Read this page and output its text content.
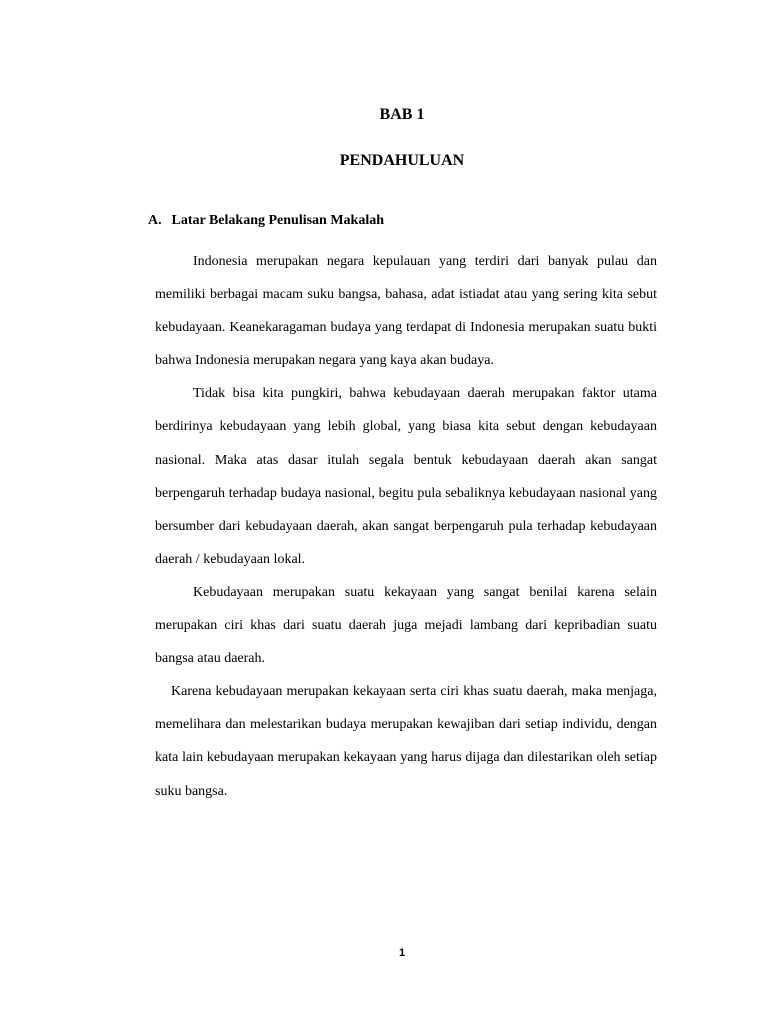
BAB 1
PENDAHULUAN
A. Latar Belakang Penulisan Makalah

Indonesia merupakan negara kepulauan yang terdiri dari banyak pulau dan memiliki berbagai macam suku bangsa, bahasa, adat istiadat atau yang sering kita sebut kebudayaan. Keanekaragaman budaya yang terdapat di Indonesia merupakan suatu bukti bahwa Indonesia merupakan negara yang kaya akan budaya.

Tidak bisa kita pungkiri, bahwa kebudayaan daerah merupakan faktor utama berdirinya kebudayaan yang lebih global, yang biasa kita sebut dengan kebudayaan nasional. Maka atas dasar itulah segala bentuk kebudayaan daerah akan sangat berpengaruh terhadap budaya nasional, begitu pula sebaliknya kebudayaan nasional yang bersumber dari kebudayaan daerah, akan sangat berpengaruh pula terhadap kebudayaan daerah / kebudayaan lokal.

Kebudayaan merupakan suatu kekayaan yang sangat benilai karena selain merupakan ciri khas dari suatu daerah juga mejadi lambang dari kepribadian suatu bangsa atau daerah.

Karena kebudayaan merupakan kekayaan serta ciri khas suatu daerah, maka menjaga, memelihara dan melestarikan budaya merupakan kewajiban dari setiap individu, dengan kata lain kebudayaan merupakan kekayaan yang harus dijaga dan dilestarikan oleh setiap suku bangsa.

1
